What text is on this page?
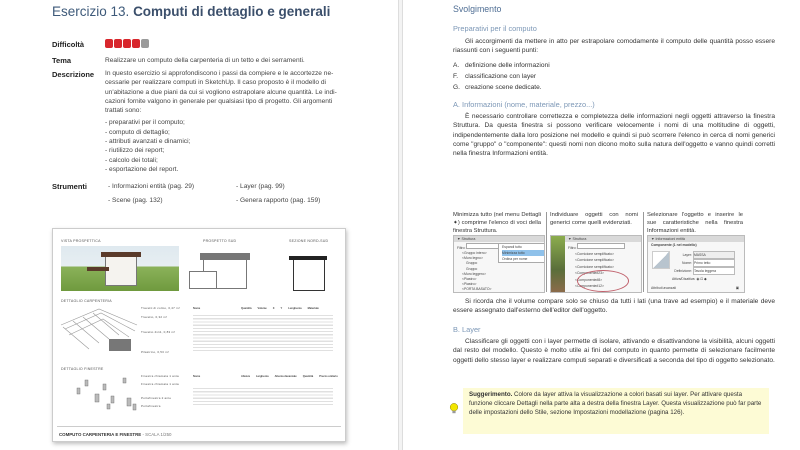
Esercizio 13. Computi di dettaglio e generali
Difficoltà
Tema	Realizzare un computo della carpenteria di un tetto e dei serramenti.
Descrizione In questo esercizio si approfondiscono i passi da compiere e le accortezze ne-
cessarie per realizzare computi in SketchUp. Il caso proposto è il modello di
un'abitazione a due piani da cui si vogliono estrapolare alcune quantità. Le indi-
cazioni fornite valgono in generale per qualsiasi tipo di progetto. Gli argomenti
trattati sono:
- preparativi per il computo;
- computo di dettaglio;
- attributi avanzati e dinamici;
- riutilizzo dei report;
- calcolo dei totali;
- esportazione del report.
Strumenti	- Informazioni entità (pag. 29)	- Layer (pag. 99)
- Scene (pag. 132)	- Genera rapporto (pag. 159)
VISTA PROSPETTICA	PROSPETTO SUD	SEZIONE NORD-SUD
DETTAGLIO CARPENTERIA
Travetti di colmo, 0,47 m³
Travetto, 0,32 m³
Travetto 4x11, 0,83 m³
Pilastrino, 0,53 m³
Nome	Quantità Volume X Y Lunghezza Materiale
DETTAGLIO FINESTRE
Finestra chiamata 1 anta
Finestra chiamata 1 anta
Portafinestra 2 ante
Portafinestra
Nome	Altezza Larghezza Altezza davanzale Quantità Prezzo unitario
COMPUTO CARPENTERIA E FINESTRE - SCALA 1/250
Svolgimento
Preparativi per il computo
Gli accorgimenti da mettere in atto per estrapolare comodamente il computo delle quantità posso essere riassunti con i seguenti punti:
A. definizione delle informazioni
F. classificazione con layer
G. creazione scene dedicate.
A. Informazioni (nome, materiale, prezzo...)
È necessario controllare correttezza e completezza delle informazioni negli oggetti attraverso la finestra Struttura. Da questa finestra si possono verificare velocemente i nomi di una moltitudine di oggetti, indipendentemente dalla loro posizione nel modello e quindi si può scorrere l'elenco in cerca di nomi generici come "gruppo" o "componente": questi nomi non dicono molto sulla natura dell'oggetto e vanno quindi corretti nella finestra Informazioni entità.
Minimizza tutto (nel menu Dettagli ➧) comprime l'elenco di voci della finestra Struttura.
Individuare oggetti con nomi generici come quelli evidenziati.
Selezionare l'oggetto e inserire le sue caratteristiche nella finestra Informazioni entità.
▼ Struttura
Filtro:
<Gruppo intero>
<Muro legno>
Gruppo
Gruppo
<Muro leggero>
<Piastro>
<Piastro>
<PORTA BASATO>
Espandi tutto
Minimizza tutto
Ordina per nome
▼ Struttura
Filtro:
<Cornicione semplificato>
<Cornicione semplificato>
<Cornicione semplificato>
<Componente#23>
<Componente#8>
<Componente#12>
▼ Informazioni entità
Componente (1 nel modello)
Layer: MASSA
Nome: Primo tetto
Definizione: Tavola leggera
Attiva/Disattiva: ◉ ⊡ ◆
Attributi avanzati	▣
Si ricorda che il volume compare solo se chiuso da tutti i lati (una trave ad esempio) e il materiale deve essere assegnato dall'esterno dell'editor dell'oggetto.
B. Layer
Classificare gli oggetti con i layer permette di isolare, attivando e disattivandone la visibilità, alcuni oggetti dal resto del modello. Questo è molto utile ai fini del computo in quanto permette di selezionare facilmente oggetti dello stesso layer e realizzare computi separati e diversificati a seconda del tipo di oggetto selezionato.
Suggerimento. Colore da layer attiva la visualizzazione a colori basati sui layer. Per attivare questa funzione cliccare Dettagli nella parte alta a destra della finestra Layer. Questa visualizzazione può far parte delle impostazioni dello Stile, sezione Impostazioni modellazione (pagina 126).
